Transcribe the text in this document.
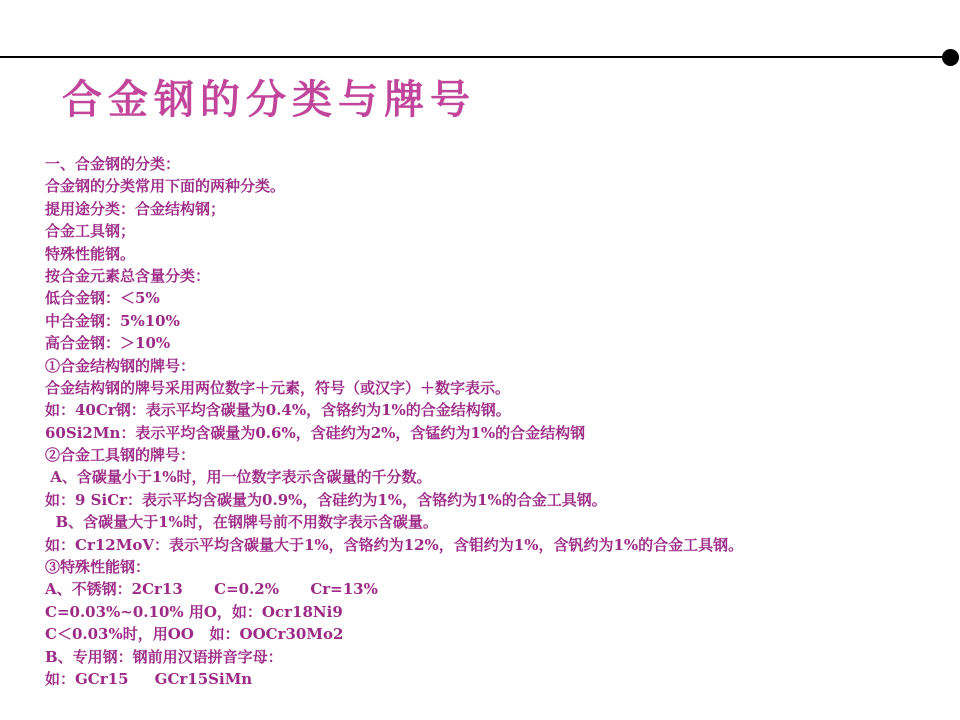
合金钢的分类与牌号
一、合金钢的分类：
合金钢的分类常用下面的两种分类。
提用途分类：合金结构钢；
合金工具钢；
特殊性能钢。
按合金元素总含量分类：
低合金钢：＜5%
中合金钢：5%10%
高合金钢：＞10%
①合金结构钢的牌号：
合金结构钢的牌号采用两位数字＋元素，符号（或汉字）＋数字表示。
如：40Cr钢：表示平均含碳量为0.4%，含铬约为1%的合金结构钢。
60Si2Mn：表示平均含碳量为0.6%，含硅约为2%，含锰约为1%的合金结构钢
②合金工具钢的牌号：
A、含碳量小于1%时，用一位数字表示含碳量的千分数。
如：9 SiCr：表示平均含碳量为0.9%，含硅约为1%，含铬约为1%的合金工具钢。
B、含碳量大于1%时，在钢牌号前不用数字表示含碳量。
如：Cr12MoV：表示平均含碳量大于1%，含铬约为12%，含钼约为1%，含钒约为1%的合金工具钢。
③特殊性能钢：
A、不锈钢：2Cr13      C=0.2%      Cr=13%
C=0.03%~0.10% 用O，如：Ocr18Ni9
C＜0.03%时，用OO   如：OOCr30Mo2
B、专用钢：钢前用汉语拼音字母：
如：GCr15     GCr15SiMn
